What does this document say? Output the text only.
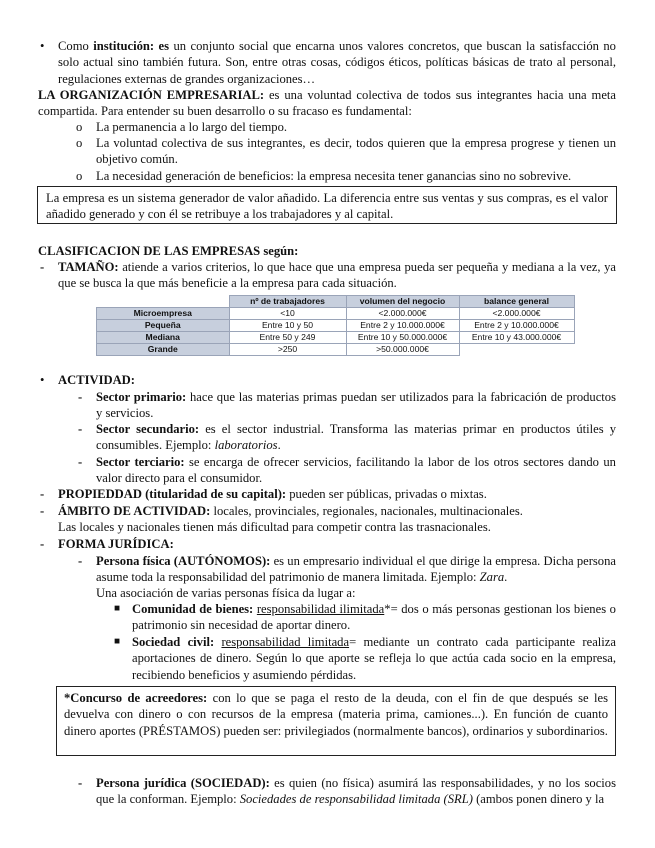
• Como institución: es un conjunto social que encarna unos valores concretos, que buscan la satisfacción no solo actual sino también futura. Son, entre otras cosas, códigos éticos, políticas básicas de trato al personal, regulaciones externas de grandes organizaciones…
LA ORGANIZACIÓN EMPRESARIAL: es una voluntad colectiva de todos sus integrantes hacia una meta compartida. Para entender su buen desarrollo o su fracaso es fundamental:
o La permanencia a lo largo del tiempo.
o La voluntad colectiva de sus integrantes, es decir, todos quieren que la empresa progrese y tienen un objetivo común.
o La necesidad generación de beneficios: la empresa necesita tener ganancias sino no sobrevive.
La empresa es un sistema generador de valor añadido. La diferencia entre sus ventas y sus compras, es el valor añadido generado y con él se retribuye a los trabajadores y al capital.
CLASIFICACION DE LAS EMPRESAS según:
- TAMAÑO: atiende a varios criterios, lo que hace que una empresa pueda ser pequeña y mediana a la vez, ya que se busca la que más beneficie a la empresa para cada situación.
	nº de trabajadores	volumen del negocio	balance general
Microempresa	<10	<2.000.000€	<2.000.000€
Pequeña	Entre 10 y 50	Entre 2 y 10.000.000€	Entre 2 y 10.000.000€
Mediana	Entre 50 y 249	Entre 10 y 50.000.000€	Entre 10 y 43.000.000€
Grande	>250	>50.000.000€	
• ACTIVIDAD:
- Sector primario: hace que las materias primas puedan ser utilizados para la fabricación de productos y servicios.
- Sector secundario: es el sector industrial. Transforma las materias primar en productos útiles y consumibles. Ejemplo: laboratorios.
- Sector terciario: se encarga de ofrecer servicios, facilitando la labor de los otros sectores dando un valor directo para el consumidor.
- PROPIEDDAD (titularidad de su capital): pueden ser públicas, privadas o mixtas.
- ÁMBITO DE ACTIVIDAD: locales, provinciales, regionales, nacionales, multinacionales.
Las locales y nacionales tienen más dificultad para competir contra las trasnacionales.
- FORMA JURÍDICA:
- Persona física (AUTÓNOMOS): es un empresario individual el que dirige la empresa. Dicha persona asume toda la responsabilidad del patrimonio de manera limitada. Ejemplo: Zara.
Una asociación de varias personas física da lugar a:
■ Comunidad de bienes: responsabilidad ilimitada*= dos o más personas gestionan los bienes o patrimonio sin necesidad de aportar dinero.
■ Sociedad civil: responsabilidad limitada= mediante un contrato cada participante realiza aportaciones de dinero. Según lo que aporte se refleja lo que actúa cada socio en la empresa, recibiendo beneficios y asumiendo pérdidas.
*Concurso de acreedores: con lo que se paga el resto de la deuda, con el fin de que después se les devuelva con dinero o con recursos de la empresa (materia prima, camiones...). En función de cuanto dinero aportes (PRÉSTAMOS) pueden ser: privilegiados (normalmente bancos), ordinarios y subordinarios.
- Persona jurídica (SOCIEDAD): es quien (no física) asumirá las responsabilidades, y no los socios que la conforman. Ejemplo: Sociedades de responsabilidad limitada (SRL) (ambos ponen dinero y la
